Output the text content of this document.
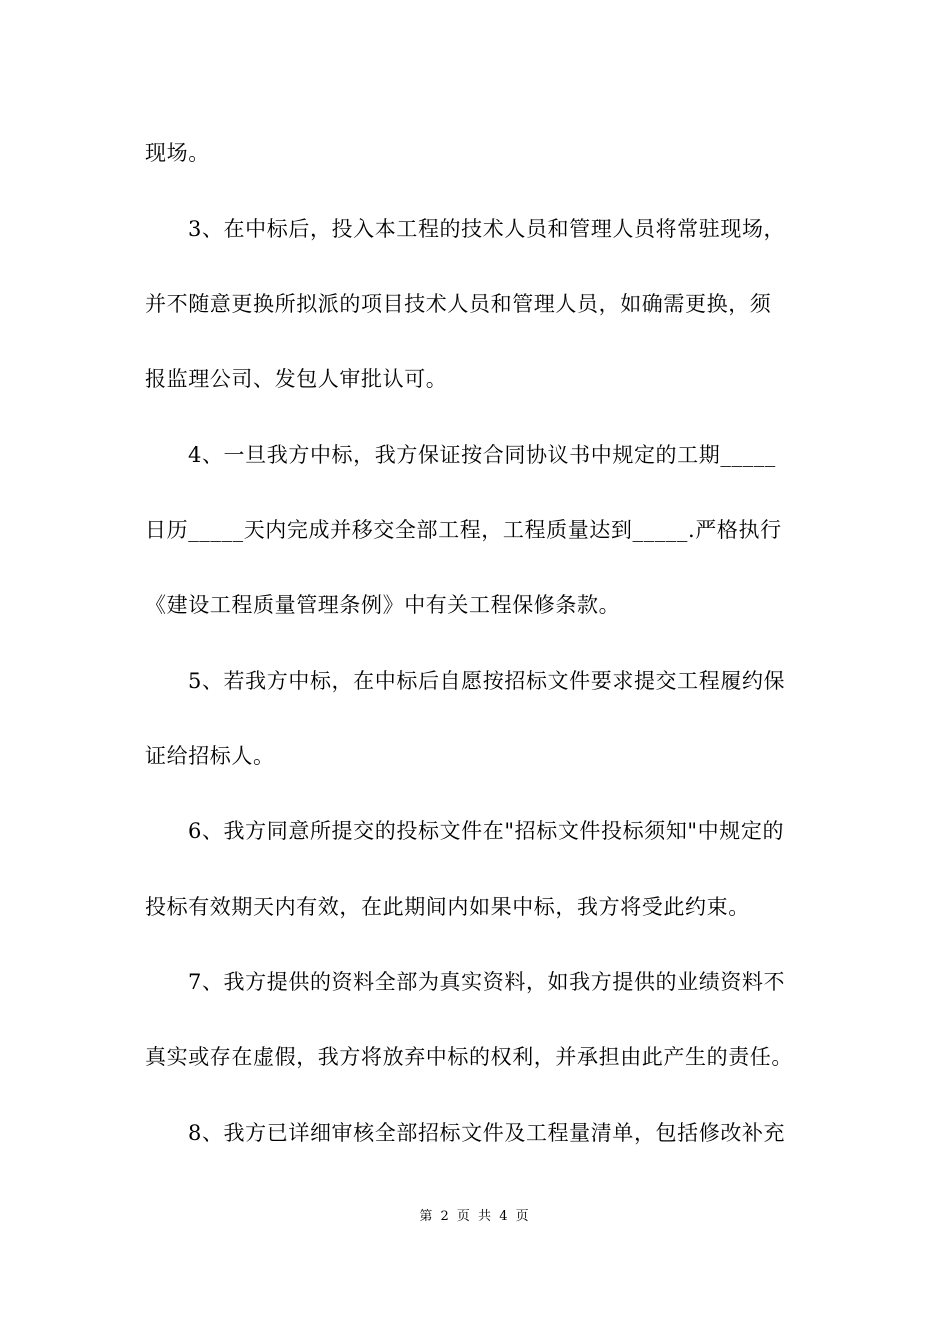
现场。
3、在中标后，投入本工程的技术人员和管理人员将常驻现场，
并不随意更换所拟派的项目技术人员和管理人员，如确需更换，须
报监理公司、发包人审批认可。
4、一旦我方中标，我方保证按合同协议书中规定的工期_____
日历_____天内完成并移交全部工程，工程质量达到_____.严格执行
《建设工程质量管理条例》中有关工程保修条款。
5、若我方中标，在中标后自愿按招标文件要求提交工程履约保
证给招标人。
6、我方同意所提交的投标文件在"招标文件投标须知"中规定的
投标有效期天内有效，在此期间内如果中标，我方将受此约束。
7、我方提供的资料全部为真实资料，如我方提供的业绩资料不
真实或存在虚假，我方将放弃中标的权利，并承担由此产生的责任。
8、我方已详细审核全部招标文件及工程量清单，包括修改补充
第 2 页 共 4 页
